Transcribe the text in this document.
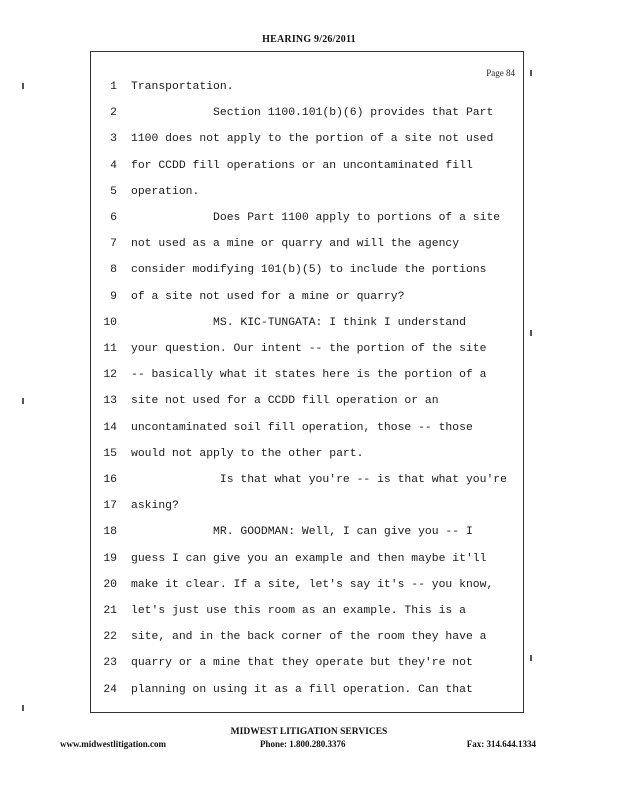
HEARING 9/26/2011
Page 84
1 Transportation.
2 Section 1100.101(b)(6) provides that Part
3 1100 does not apply to the portion of a site not used
4 for CCDD fill operations or an uncontaminated fill
5 operation.
6 Does Part 1100 apply to portions of a site
7 not used as a mine or quarry and will the agency
8 consider modifying 101(b)(5) to include the portions
9 of a site not used for a mine or quarry?
10 MS. KIC-TUNGATA: I think I understand
11 your question. Our intent -- the portion of the site
12 -- basically what it states here is the portion of a
13 site not used for a CCDD fill operation or an
14 uncontaminated soil fill operation, those -- those
15 would not apply to the other part.
16 Is that what you're -- is that what you're
17 asking?
18 MR. GOODMAN: Well, I can give you -- I
19 guess I can give you an example and then maybe it'll
20 make it clear. If a site, let's say it's -- you know,
21 let's just use this room as an example. This is a
22 site, and in the back corner of the room they have a
23 quarry or a mine that they operate but they're not
24 planning on using it as a fill operation. Can that
MIDWEST LITIGATION SERVICES
www.midwestlitigation.com	Phone: 1.800.280.3376	Fax: 314.644.1334
